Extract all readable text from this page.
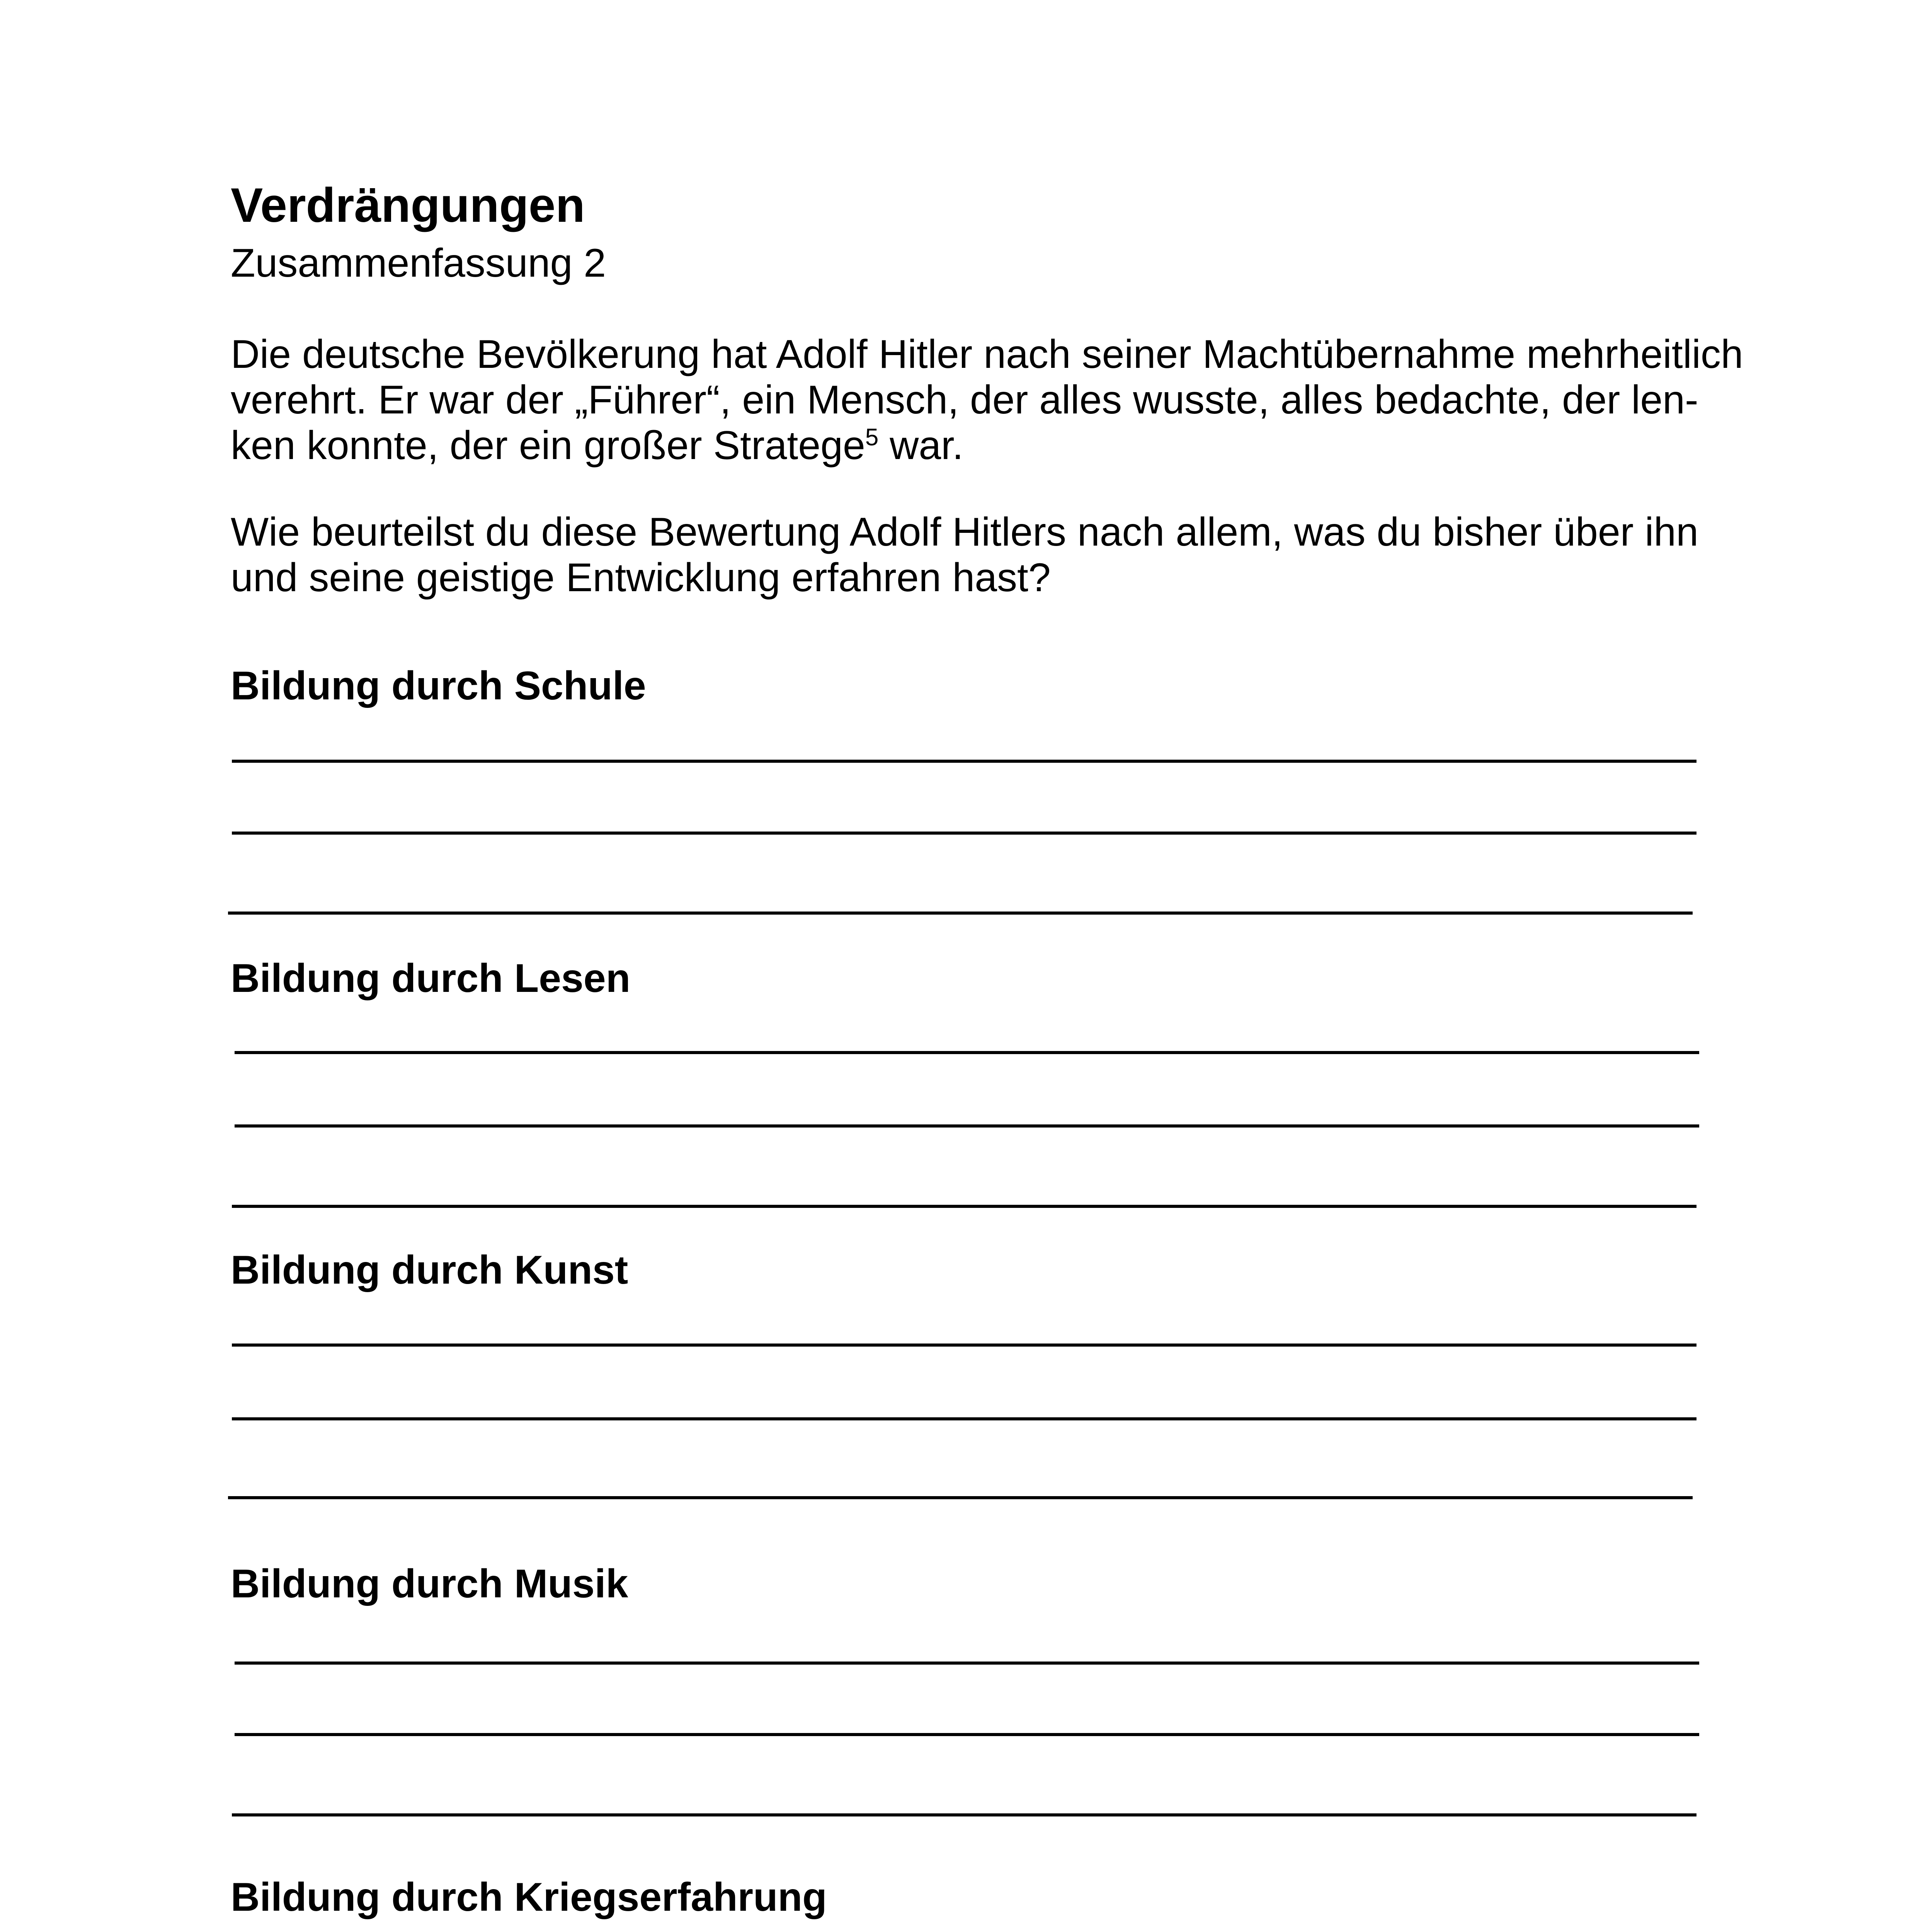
Verdrängungen
Zusammenfassung 2

Die deutsche Bevölkerung hat Adolf Hitler nach seiner Machtübernahme mehrheitlich
verehrt. Er war der „Führer“, ein Mensch, der alles wusste, alles bedachte, der len-
ken konnte, der ein großer Stratege$^5$ war.

Wie beurteilst du diese Bewertung Adolf Hitlers nach allem, was du bisher über ihn
und seine geistige Entwicklung erfahren hast?

Bildung durch Schule
Bildung durch Lesen
Bildung durch Kunst
Bildung durch Musik
Bildung durch Kriegserfahrung
